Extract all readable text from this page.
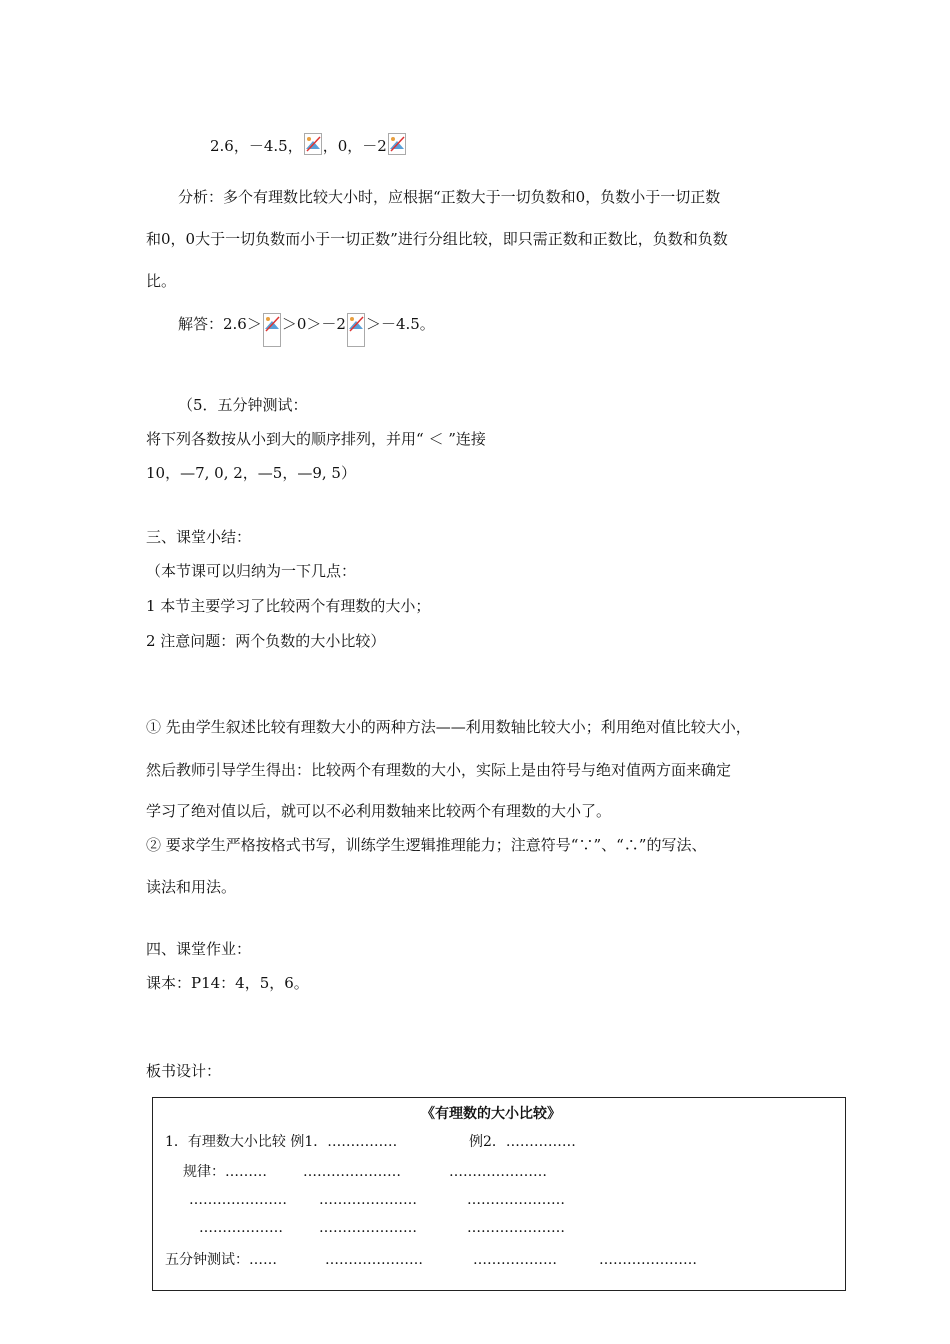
2.6，－4.5， ，0，－2
分析：多个有理数比较大小时，应根据“正数大于一切负数和0，负数小于一切正数
和0，0大于一切负数而小于一切正数”进行分组比较，即只需正数和正数比，负数和负数
比。
解答：2.6＞ ＞0＞－2 ＞－4.5。
（5．五分钟测试：
将下列各数按从小到大的顺序排列，并用“ ＜ ”连接
10，—7, 0, 2，—5，—9, 5）
三、课堂小结：
（本节课可以归纳为一下几点：
1 本节主要学习了比较两个有理数的大小；
2 注意问题：两个负数的大小比较）
① 先由学生叙述比较有理数大小的两种方法——利用数轴比较大小；利用绝对值比较大小，
然后教师引导学生得出：比较两个有理数的大小，实际上是由符号与绝对值两方面来确定
学习了绝对值以后，就可以不必利用数轴来比较两个有理数的大小了。
② 要求学生严格按格式书写，训练学生逻辑推理能力；注意符号“∵”、“∴”的写法、
读法和用法。
四、课堂作业：
课本：P14：4，5，6。
板书设计：
《有理数的大小比较》
1．有理数大小比较 例1．……………	例2．……………
规律：………	…………………	…………………
………………… …………………	…………………
………………	…………………	…………………
五分钟测试：……	…………………	………………	…………………
